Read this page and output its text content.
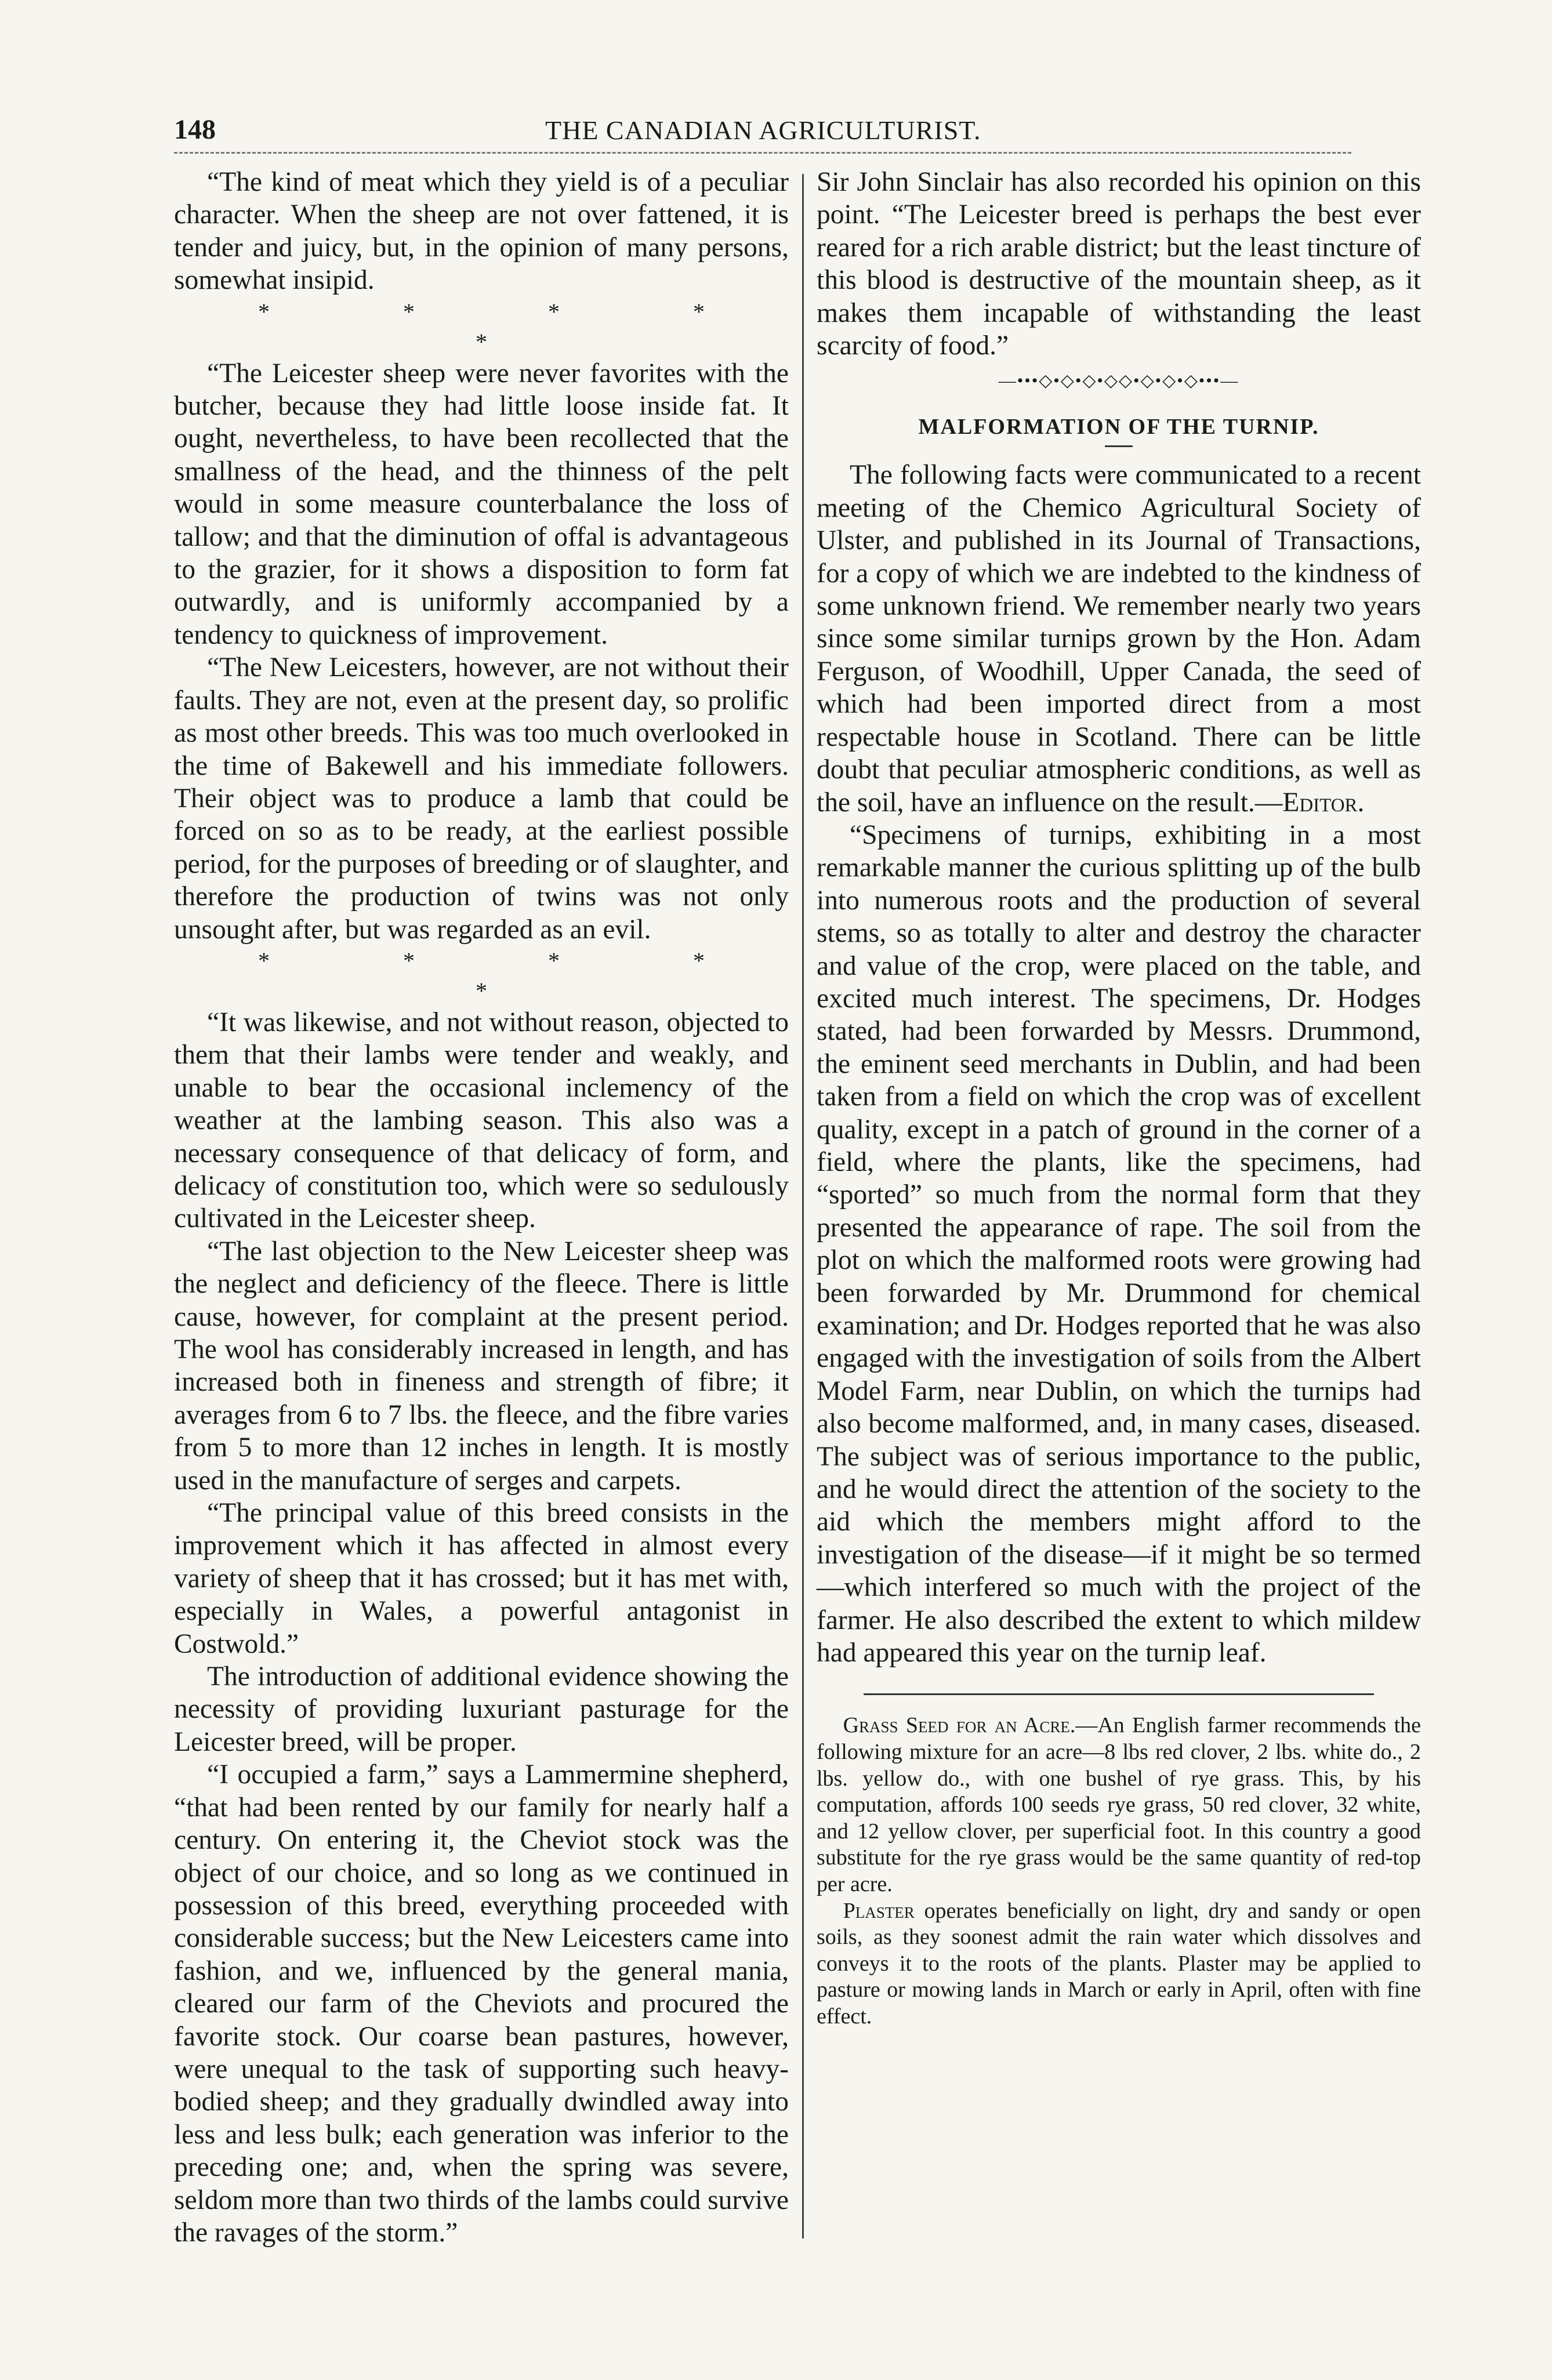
148	THE CANADIAN AGRICULTURIST.

“The kind of meat which they yield is of a peculiar character. When the sheep are not over fattened, it is tender and juicy, but, in the opinion of many persons, somewhat insipid.

* * * * *

“The Leicester sheep were never favorites with the butcher, because they had little loose inside fat. It ought, nevertheless, to have been recollected that the smallness of the head, and the thinness of the pelt would in some measure counterbalance the loss of tallow; and that the diminution of offal is advantageous to the grazier, for it shows a disposition to form fat outwardly, and is uniformly accompanied by a tendency to quickness of improvement.

“The New Leicesters, however, are not without their faults. They are not, even at the present day, so prolific as most other breeds. This was too much overlooked in the time of Bakewell and his immediate followers. Their object was to produce a lamb that could be forced on so as to be ready, at the earliest possible period, for the purposes of breeding or of slaughter, and therefore the production of twins was not only unsought after, but was regarded as an evil.

* * * * *

“It was likewise, and not without reason, objected to them that their lambs were tender and weakly, and unable to bear the occasional inclemency of the weather at the lambing season. This also was a necessary consequence of that delicacy of form, and delicacy of constitution too, which were so sedulously cultivated in the Leicester sheep.

“The last objection to the New Leicester sheep was the neglect and deficiency of the fleece. There is little cause, however, for complaint at the present period. The wool has considerably increased in length, and has increased both in fineness and strength of fibre; it averages from 6 to 7 lbs. the fleece, and the fibre varies from 5 to more than 12 inches in length. It is mostly used in the manufacture of serges and carpets.

“The principal value of this breed consists in the improvement which it has affected in almost every variety of sheep that it has crossed; but it has met with, especially in Wales, a powerful antagonist in Costwold.”

The introduction of additional evidence showing the necessity of providing luxuriant pasturage for the Leicester breed, will be proper.

“I occupied a farm,” says a Lammermine shepherd, “that had been rented by our family for nearly half a century. On entering it, the Cheviot stock was the object of our choice, and so long as we continued in possession of this breed, everything proceeded with considerable success; but the New Leicesters came into fashion, and we, influenced by the general mania, cleared our farm of the Cheviots and procured the favorite stock. Our coarse bean pastures, however, were unequal to the task of supporting such heavy-bodied sheep; and they gradually dwindled away into less and less bulk; each generation was inferior to the preceding one; and, when the spring was severe, seldom more than two thirds of the lambs could survive the ravages of the storm.”

Sir John Sinclair has also recorded his opinion on this point. “The Leicester breed is perhaps the best ever reared for a rich arable district; but the least tincture of this blood is destructive of the mountain sheep, as it makes them incapable of withstanding the least scarcity of food.”

—•••◇•◇•◇•◇◇•◇•◇•◇•••—
MALFORMATION OF THE TURNIP.

The following facts were communicated to a recent meeting of the Chemico Agricultural Society of Ulster, and published in its Journal of Transactions, for a copy of which we are indebted to the kindness of some unknown friend. We remember nearly two years since some similar turnips grown by the Hon. Adam Ferguson, of Woodhill, Upper Canada, the seed of which had been imported direct from a most respectable house in Scotland. There can be little doubt that peculiar atmospheric conditions, as well as the soil, have an influence on the result.—Editor.

“Specimens of turnips, exhibiting in a most remarkable manner the curious splitting up of the bulb into numerous roots and the production of several stems, so as totally to alter and destroy the character and value of the crop, were placed on the table, and excited much interest. The specimens, Dr. Hodges stated, had been forwarded by Messrs. Drummond, the eminent seed merchants in Dublin, and had been taken from a field on which the crop was of excellent quality, except in a patch of ground in the corner of a field, where the plants, like the specimens, had “sported” so much from the normal form that they presented the appearance of rape. The soil from the plot on which the malformed roots were growing had been forwarded by Mr. Drummond for chemical examination; and Dr. Hodges reported that he was also engaged with the investigation of soils from the Albert Model Farm, near Dublin, on which the turnips had also become malformed, and, in many cases, diseased. The subject was of serious importance to the public, and he would direct the attention of the society to the aid which the members might afford to the investigation of the disease—if it might be so termed—which interfered so much with the project of the farmer. He also described the extent to which mildew had appeared this year on the turnip leaf.

Grass Seed for an Acre.—An English farmer recommends the following mixture for an acre—8 lbs red clover, 2 lbs. white do., 2 lbs. yellow do., with one bushel of rye grass. This, by his computation, affords 100 seeds rye grass, 50 red clover, 32 white, and 12 yellow clover, per superficial foot. In this country a good substitute for the rye grass would be the same quantity of red-top per acre.

Plaster operates beneficially on light, dry and sandy or open soils, as they soonest admit the rain water which dissolves and conveys it to the roots of the plants. Plaster may be applied to pasture or mowing lands in March or early in April, often with fine effect.
